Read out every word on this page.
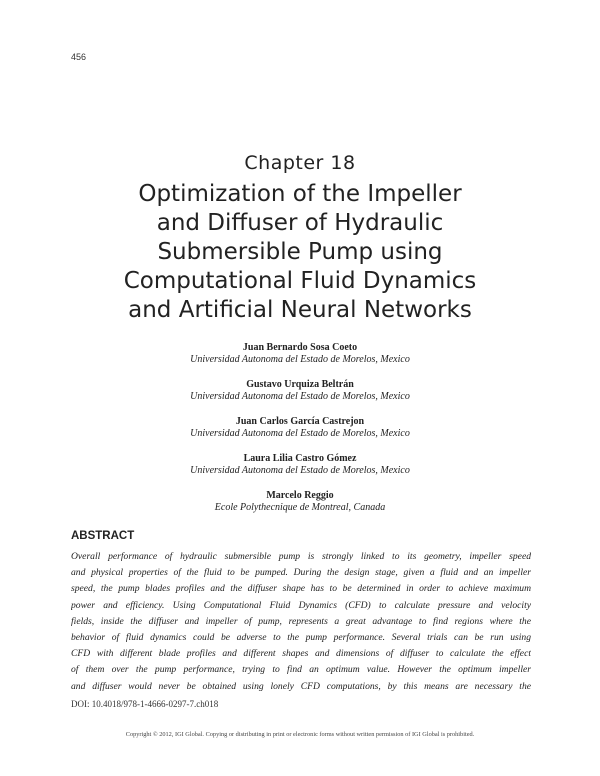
456
Chapter 18
Optimization of the Impeller
and Diffuser of Hydraulic
Submersible Pump using
Computational Fluid Dynamics
and Artificial Neural Networks
Juan Bernardo Sosa Coeto
Universidad Autonoma del Estado de Morelos, Mexico
Gustavo Urquiza Beltrán
Universidad Autonoma del Estado de Morelos, Mexico
Juan Carlos García Castrejon
Universidad Autonoma del Estado de Morelos, Mexico
Laura Lilia Castro Gómez
Universidad Autonoma del Estado de Morelos, Mexico
Marcelo Reggio
Ecole Polythecnique de Montreal, Canada
ABSTRACT
Overall performance of hydraulic submersible pump is strongly linked to its geometry, impeller speed
and physical properties of the fluid to be pumped. During the design stage, given a fluid and an impeller
speed, the pump blades profiles and the diffuser shape has to be determined in order to achieve maximum
power and efficiency. Using Computational Fluid Dynamics (CFD) to calculate pressure and velocity
fields, inside the diffuser and impeller of pump, represents a great advantage to find regions where the
behavior of fluid dynamics could be adverse to the pump performance. Several trials can be run using
CFD with different blade profiles and different shapes and dimensions of diffuser to calculate the effect
of them over the pump performance, trying to find an optimum value. However the optimum impeller
and diffuser would never be obtained using lonely CFD computations, by this means are necessary the
DOI: 10.4018/978-1-4666-0297-7.ch018
Copyright © 2012, IGI Global. Copying or distributing in print or electronic forms without written permission of IGI Global is prohibited.
